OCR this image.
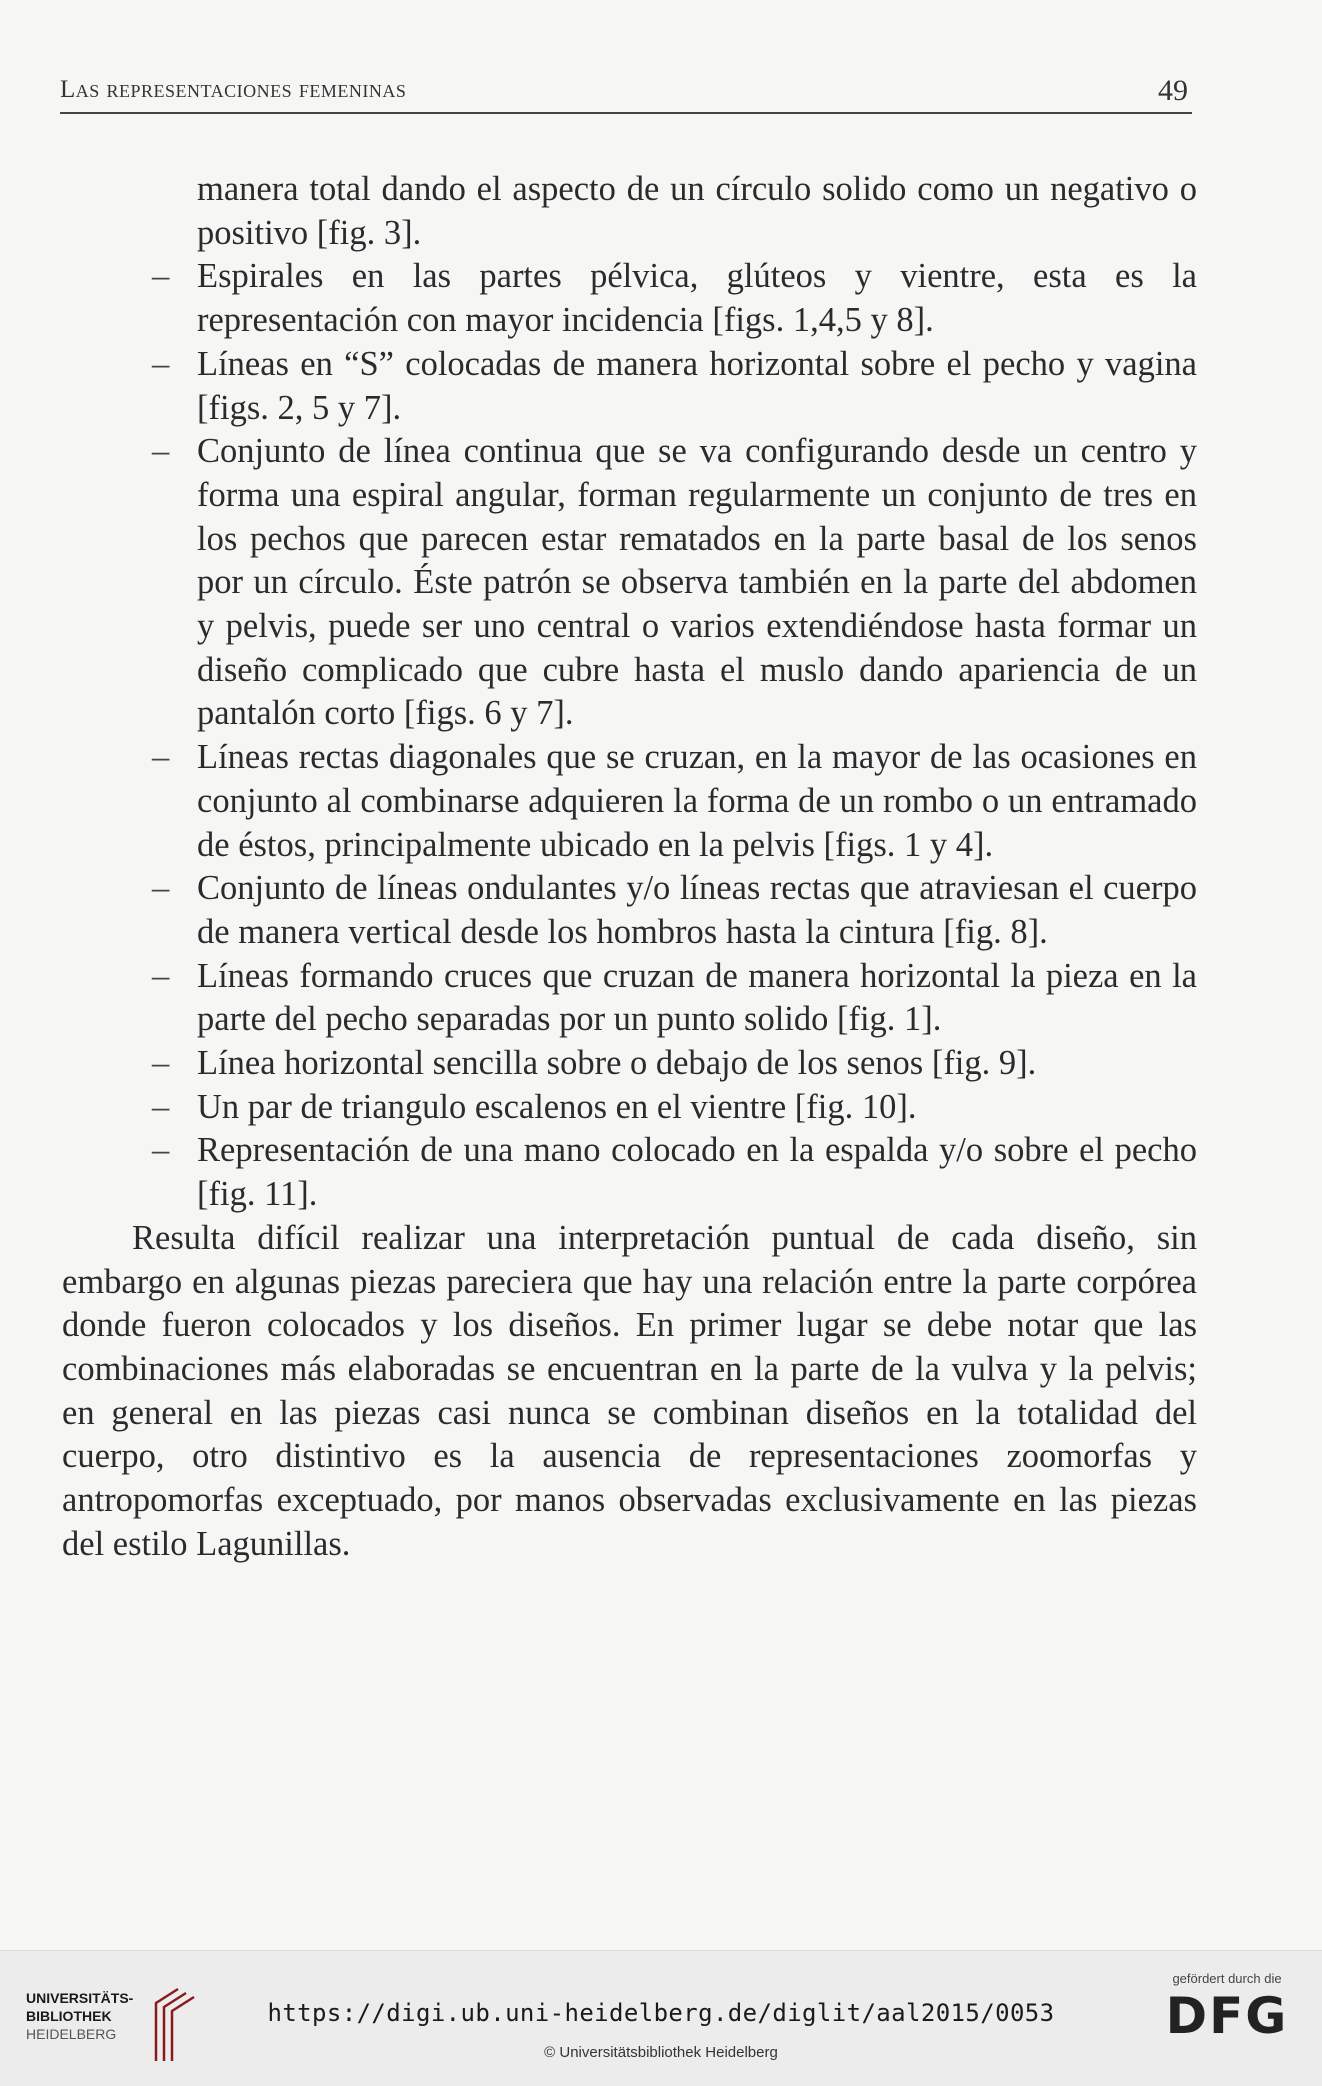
Las representaciones femeninas	49
manera total dando el aspecto de un círculo solido como un negativo o positivo [fig. 3].
– Espirales en las partes pélvica, glúteos y vientre, esta es la representación con mayor incidencia [figs. 1,4,5 y 8].
– Líneas en “S” colocadas de manera horizontal sobre el pecho y vagina [figs. 2, 5 y 7].
– Conjunto de línea continua que se va configurando desde un centro y forma una espiral angular, forman regularmente un conjunto de tres en los pechos que parecen estar rematados en la parte basal de los senos por un círculo. Éste patrón se observa también en la parte del abdomen y pelvis, puede ser uno central o varios extendiéndose hasta formar un diseño complicado que cubre hasta el muslo dando apariencia de un pantalón corto [figs. 6 y 7].
– Líneas rectas diagonales que se cruzan, en la mayor de las ocasiones en conjunto al combinarse adquieren la forma de un rombo o un entramado de éstos, principalmente ubicado en la pelvis [figs. 1 y 4].
– Conjunto de líneas ondulantes y/o líneas rectas que atraviesan el cuerpo de manera vertical desde los hombros hasta la cintura [fig. 8].
– Líneas formando cruces que cruzan de manera horizontal la pieza en la parte del pecho separadas por un punto solido [fig. 1].
– Línea horizontal sencilla sobre o debajo de los senos [fig. 9].
– Un par de triangulo escalenos en el vientre [fig. 10].
– Representación de una mano colocado en la espalda y/o sobre el pecho [fig. 11].

Resulta difícil realizar una interpretación puntual de cada diseño, sin embargo en algunas piezas pareciera que hay una relación entre la parte corpórea donde fueron colocados y los diseños. En primer lugar se debe notar que las combinaciones más elaboradas se encuentran en la parte de la vulva y la pelvis; en general en las piezas casi nunca se combinan diseños en la totalidad del cuerpo, otro distintivo es la ausencia de representaciones zoomorfas y antropomorfas exceptuado, por manos observadas exclusivamente en las piezas del estilo Lagunillas.

UNIVERSITÄTS-
BIBLIOTHEK
HEIDELBERG
https://digi.ub.uni-heidelberg.de/diglit/aal2015/0053
© Universitätsbibliothek Heidelberg
gefördert durch die
DFG
